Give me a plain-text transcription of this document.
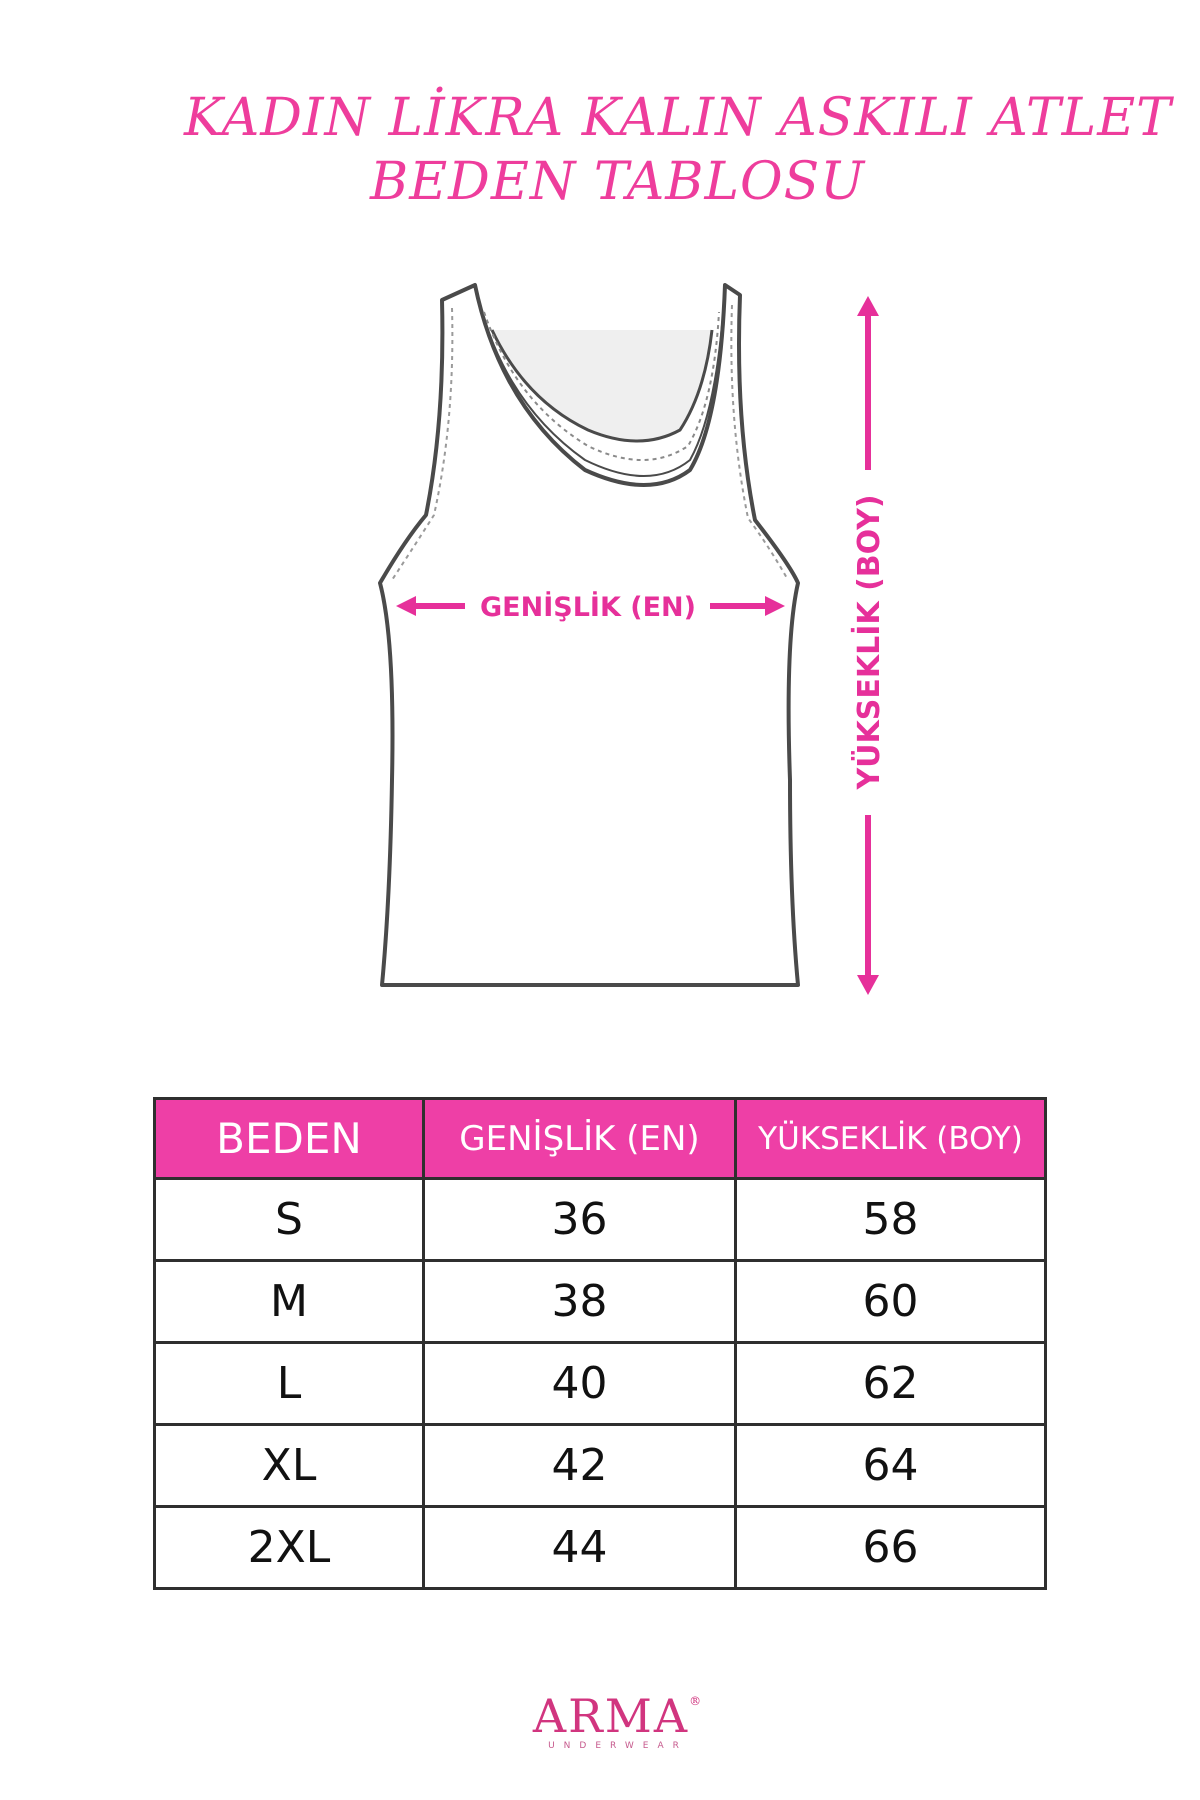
KADIN LİKRA KALIN ASKILI ATLET
BEDEN TABLOSU
GENİŞLİK (EN)	YÜKSEKLİK (BOY)
BEDEN	GENİŞLİK (EN)	YÜKSEKLİK (BOY)
S	36	58
M	38	60
L	40	62
XL	42	64
2XL	44	66
ARMA®
UNDERWEAR
